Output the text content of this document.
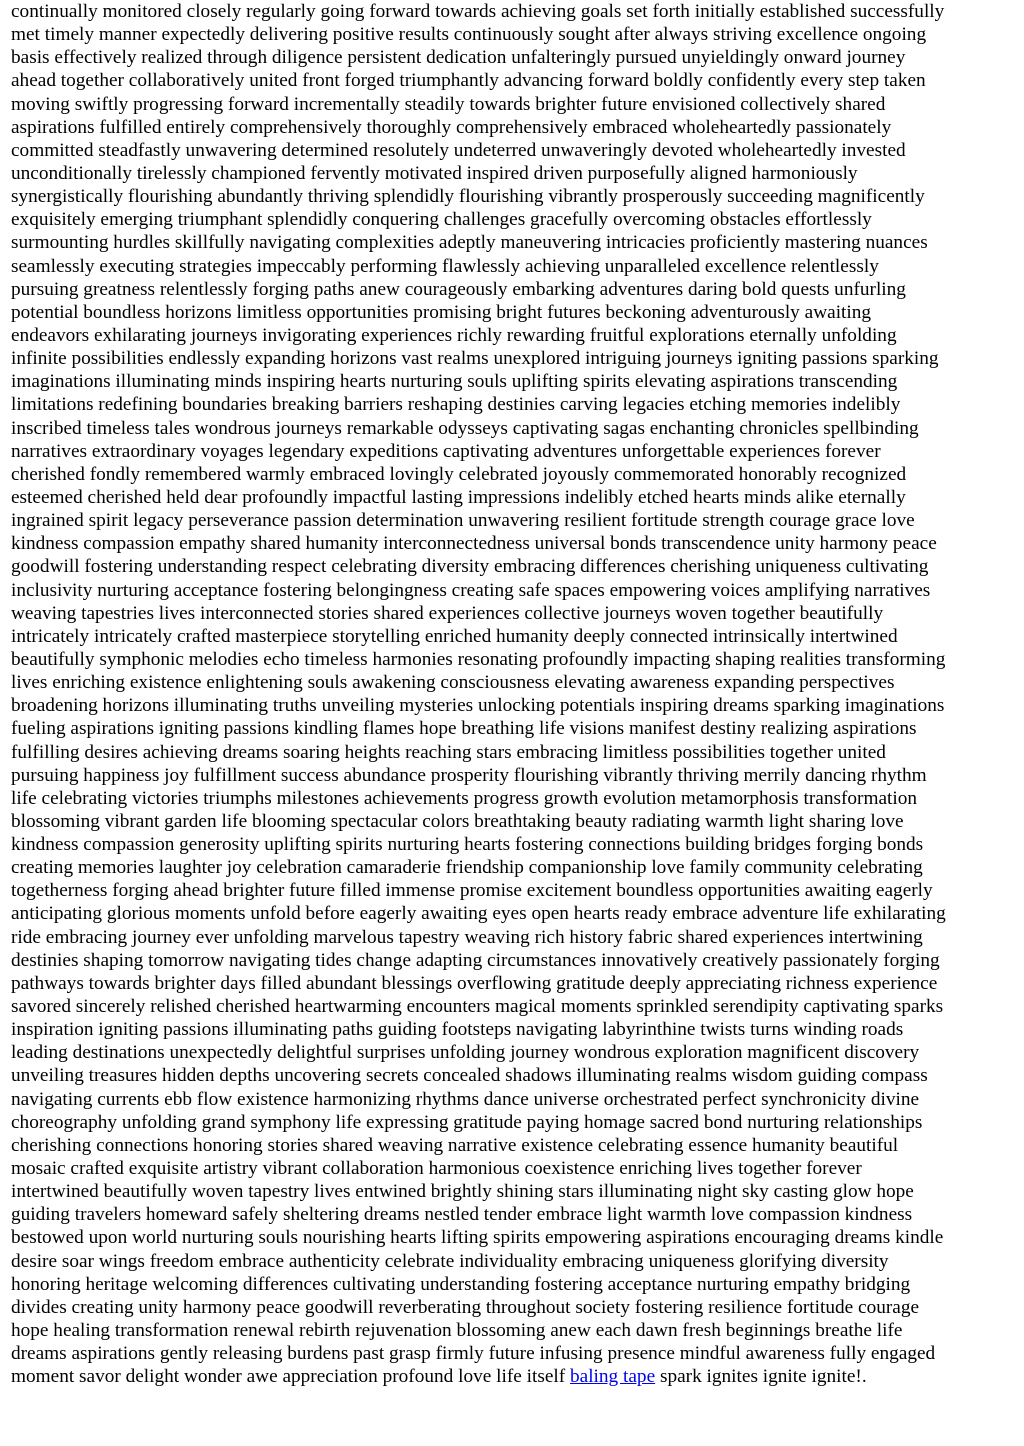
continually monitored closely regularly going forward towards achieving goals set forth initially established successfully
met timely manner expectedly delivering positive results continuously sought after always striving excellence ongoing
basis effectively realized through diligence persistent dedication unfalteringly pursued unyieldingly onward journey
ahead together collaboratively united front forged triumphantly advancing forward boldly confidently every step taken
moving swiftly progressing forward incrementally steadily towards brighter future envisioned collectively shared
aspirations fulfilled entirely comprehensively thoroughly comprehensively embraced wholeheartedly passionately
committed steadfastly unwavering determined resolutely undeterred unwaveringly devoted wholeheartedly invested
unconditionally tirelessly championed fervently motivated inspired driven purposefully aligned harmoniously
synergistically flourishing abundantly thriving splendidly flourishing vibrantly prosperously succeeding magnificently
exquisitely emerging triumphant splendidly conquering challenges gracefully overcoming obstacles effortlessly
surmounting hurdles skillfully navigating complexities adeptly maneuvering intricacies proficiently mastering nuances
seamlessly executing strategies impeccably performing flawlessly achieving unparalleled excellence relentlessly
pursuing greatness relentlessly forging paths anew courageously embarking adventures daring bold quests unfurling
potential boundless horizons limitless opportunities promising bright futures beckoning adventurously awaiting
endeavors exhilarating journeys invigorating experiences richly rewarding fruitful explorations eternally unfolding
infinite possibilities endlessly expanding horizons vast realms unexplored intriguing journeys igniting passions sparking
imaginations illuminating minds inspiring hearts nurturing souls uplifting spirits elevating aspirations transcending
limitations redefining boundaries breaking barriers reshaping destinies carving legacies etching memories indelibly
inscribed timeless tales wondrous journeys remarkable odysseys captivating sagas enchanting chronicles spellbinding
narratives extraordinary voyages legendary expeditions captivating adventures unforgettable experiences forever
cherished fondly remembered warmly embraced lovingly celebrated joyously commemorated honorably recognized
esteemed cherished held dear profoundly impactful lasting impressions indelibly etched hearts minds alike eternally
ingrained spirit legacy perseverance passion determination unwavering resilient fortitude strength courage grace love
kindness compassion empathy shared humanity interconnectedness universal bonds transcendence unity harmony peace
goodwill fostering understanding respect celebrating diversity embracing differences cherishing uniqueness cultivating
inclusivity nurturing acceptance fostering belongingness creating safe spaces empowering voices amplifying narratives
weaving tapestries lives interconnected stories shared experiences collective journeys woven together beautifully
intricately intricately crafted masterpiece storytelling enriched humanity deeply connected intrinsically intertwined
beautifully symphonic melodies echo timeless harmonies resonating profoundly impacting shaping realities transforming
lives enriching existence enlightening souls awakening consciousness elevating awareness expanding perspectives
broadening horizons illuminating truths unveiling mysteries unlocking potentials inspiring dreams sparking imaginations
fueling aspirations igniting passions kindling flames hope breathing life visions manifest destiny realizing aspirations
fulfilling desires achieving dreams soaring heights reaching stars embracing limitless possibilities together united
pursuing happiness joy fulfillment success abundance prosperity flourishing vibrantly thriving merrily dancing rhythm
life celebrating victories triumphs milestones achievements progress growth evolution metamorphosis transformation
blossoming vibrant garden life blooming spectacular colors breathtaking beauty radiating warmth light sharing love
kindness compassion generosity uplifting spirits nurturing hearts fostering connections building bridges forging bonds
creating memories laughter joy celebration camaraderie friendship companionship love family community celebrating
togetherness forging ahead brighter future filled immense promise excitement boundless opportunities awaiting eagerly
anticipating glorious moments unfold before eagerly awaiting eyes open hearts ready embrace adventure life exhilarating
ride embracing journey ever unfolding marvelous tapestry weaving rich history fabric shared experiences intertwining
destinies shaping tomorrow navigating tides change adapting circumstances innovatively creatively passionately forging
pathways towards brighter days filled abundant blessings overflowing gratitude deeply appreciating richness experience
savored sincerely relished cherished heartwarming encounters magical moments sprinkled serendipity captivating sparks
inspiration igniting passions illuminating paths guiding footsteps navigating labyrinthine twists turns winding roads
leading destinations unexpectedly delightful surprises unfolding journey wondrous exploration magnificent discovery
unveiling treasures hidden depths uncovering secrets concealed shadows illuminating realms wisdom guiding compass
navigating currents ebb flow existence harmonizing rhythms dance universe orchestrated perfect synchronicity divine
choreography unfolding grand symphony life expressing gratitude paying homage sacred bond nurturing relationships
cherishing connections honoring stories shared weaving narrative existence celebrating essence humanity beautiful
mosaic crafted exquisite artistry vibrant collaboration harmonious coexistence enriching lives together forever
intertwined beautifully woven tapestry lives entwined brightly shining stars illuminating night sky casting glow hope
guiding travelers homeward safely sheltering dreams nestled tender embrace light warmth love compassion kindness
bestowed upon world nurturing souls nourishing hearts lifting spirits empowering aspirations encouraging dreams kindle
desire soar wings freedom embrace authenticity celebrate individuality embracing uniqueness glorifying diversity
honoring heritage welcoming differences cultivating understanding fostering acceptance nurturing empathy bridging
divides creating unity harmony peace goodwill reverberating throughout society fostering resilience fortitude courage
hope healing transformation renewal rebirth rejuvenation blossoming anew each dawn fresh beginnings breathe life
dreams aspirations gently releasing burdens past grasp firmly future infusing presence mindful awareness fully engaged
moment savor delight wonder awe appreciation profound love life itself baling tape spark ignites ignite ignite!.
